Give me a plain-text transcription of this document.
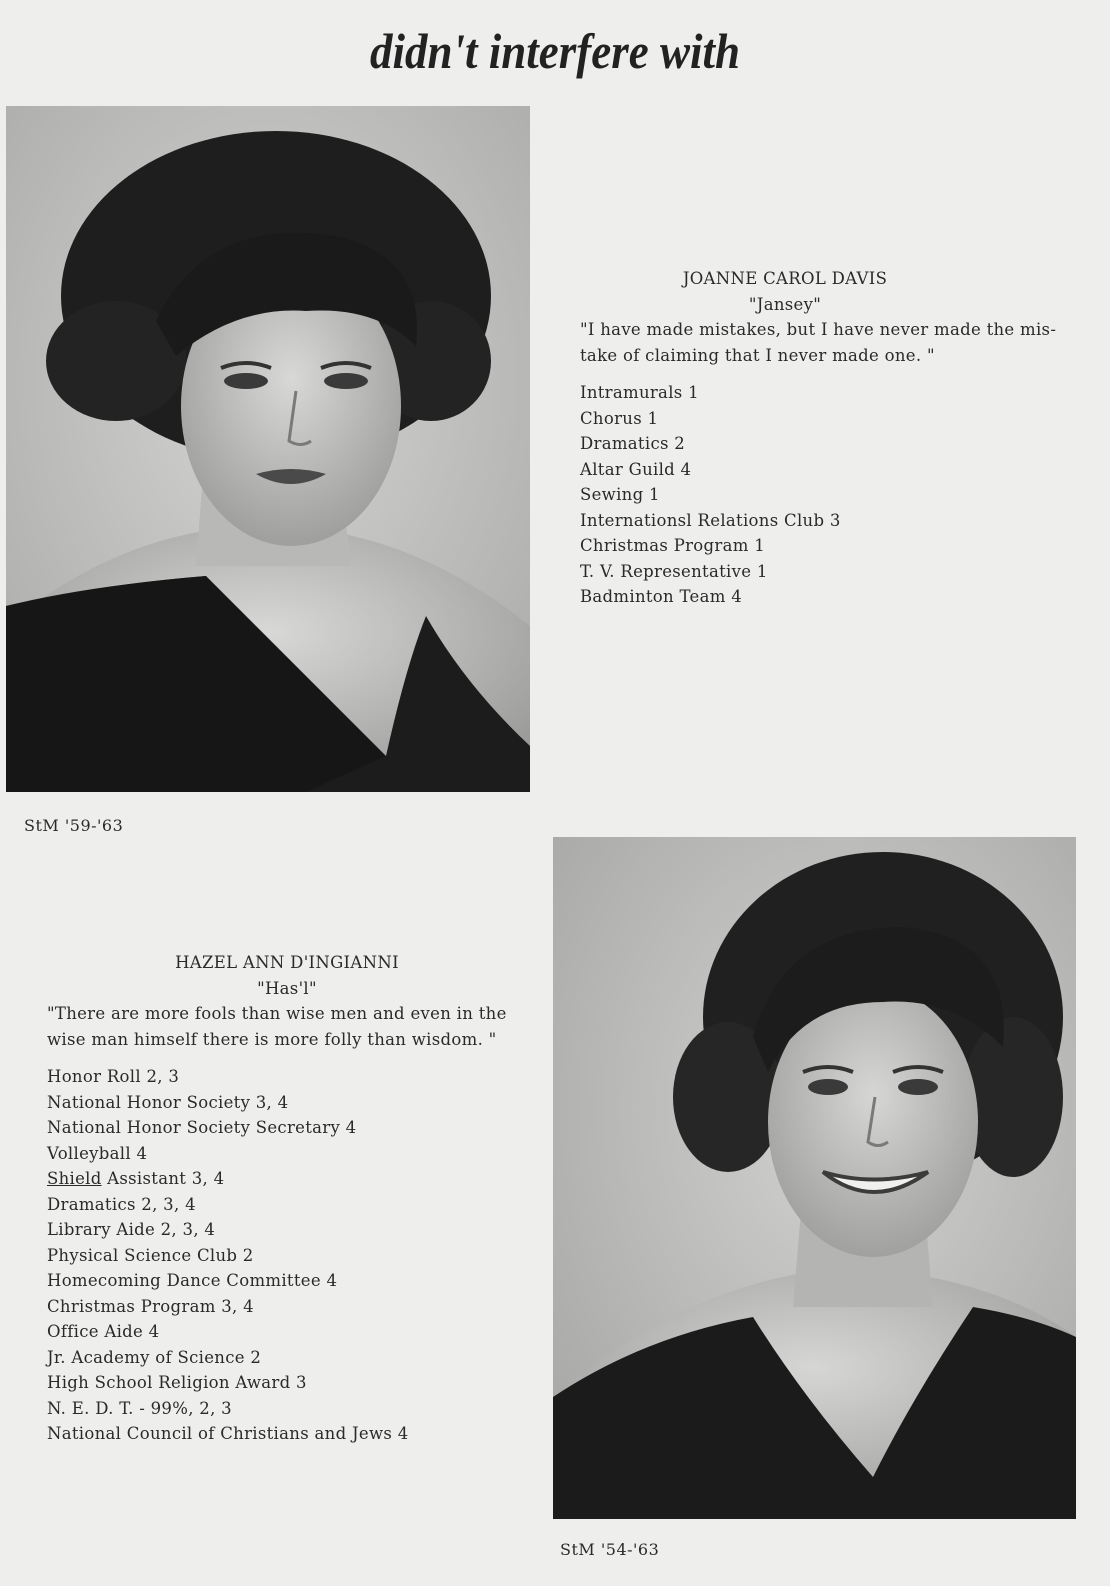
didn't interfere with
JOANNE CAROL DAVIS
"Jansey"
"I have made mistakes, but I have never made the mis- take of claiming that I never made one. "
Intramurals 1
Chorus 1
Dramatics 2
Altar Guild 4
Sewing 1
Internationsl Relations Club 3
Christmas Program 1
T. V. Representative 1
Badminton Team 4
StM '59-'63
HAZEL ANN D'INGIANNI
"Has'l"
"There are more fools than wise men and even in the wise man himself there is more folly than wisdom. "
Honor Roll 2, 3
National Honor Society 3, 4
National Honor Society Secretary 4
Volleyball 4
Shield Assistant 3, 4
Dramatics 2, 3, 4
Library Aide 2, 3, 4
Physical Science Club 2
Homecoming Dance Committee 4
Christmas Program 3, 4
Office Aide 4
Jr. Academy of Science 2
High School Religion Award 3
N. E. D. T. - 99%, 2, 3
National Council of Christians and Jews 4
StM '54-'63
